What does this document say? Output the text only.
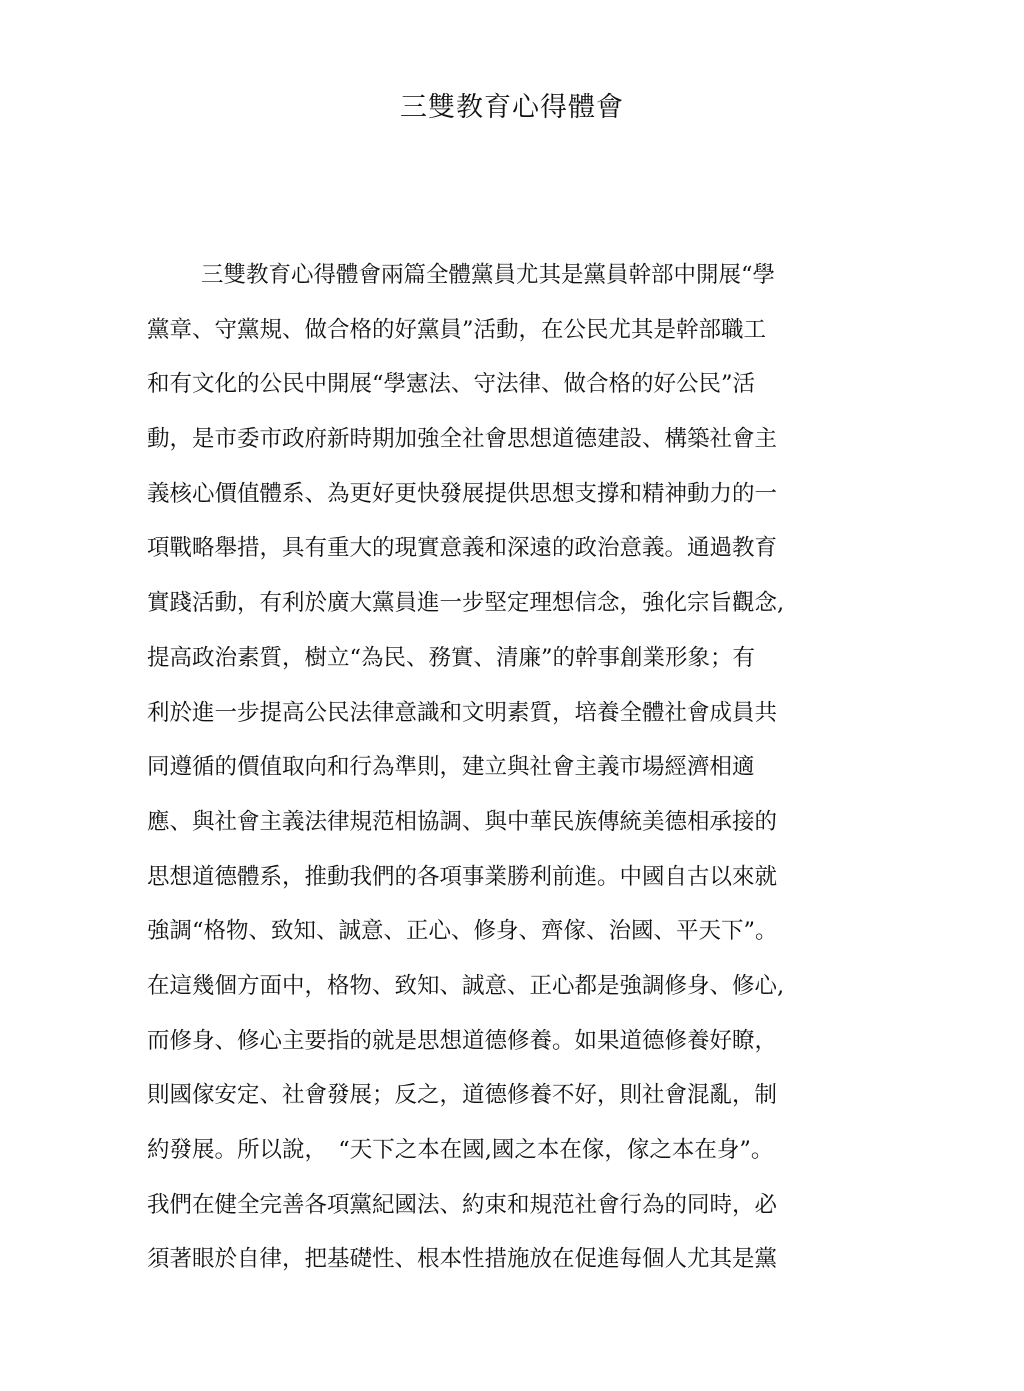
三雙教育心得體會
三雙教育心得體會兩篇全體黨員尤其是黨員幹部中開展“學
黨章、守黨規、做合格的好黨員”活動，在公民尤其是幹部職工
和有文化的公民中開展“學憲法、守法律、做合格的好公民”活
動，是市委市政府新時期加強全社會思想道德建設、構築社會主
義核心價值體系、為更好更快發展提供思想支撐和精神動力的一
項戰略舉措，具有重大的現實意義和深遠的政治意義。通過教育
實踐活動，有利於廣大黨員進一步堅定理想信念，強化宗旨觀念,
提高政治素質，樹立“為民、務實、清廉”的幹事創業形象；有
利於進一步提高公民法律意識和文明素質，培養全體社會成員共
同遵循的價值取向和行為準則，建立與社會主義市場經濟相適
應、與社會主義法律規范相協調、與中華民族傳統美德相承接的
思想道德體系，推動我們的各項事業勝利前進。中國自古以來就
強調“格物、致知、誠意、正心、修身、齊傢、治國、平天下”。
在這幾個方面中，格物、致知、誠意、正心都是強調修身、修心,
而修身、修心主要指的就是思想道德修養。如果道德修養好瞭，
則國傢安定、社會發展；反之，道德修養不好，則社會混亂，制
約發展。所以說，　“天下之本在國,國之本在傢，傢之本在身”。
我們在健全完善各項黨紀國法、約束和規范社會行為的同時，必
須著眼於自律，把基礎性、根本性措施放在促進每個人尤其是黨
